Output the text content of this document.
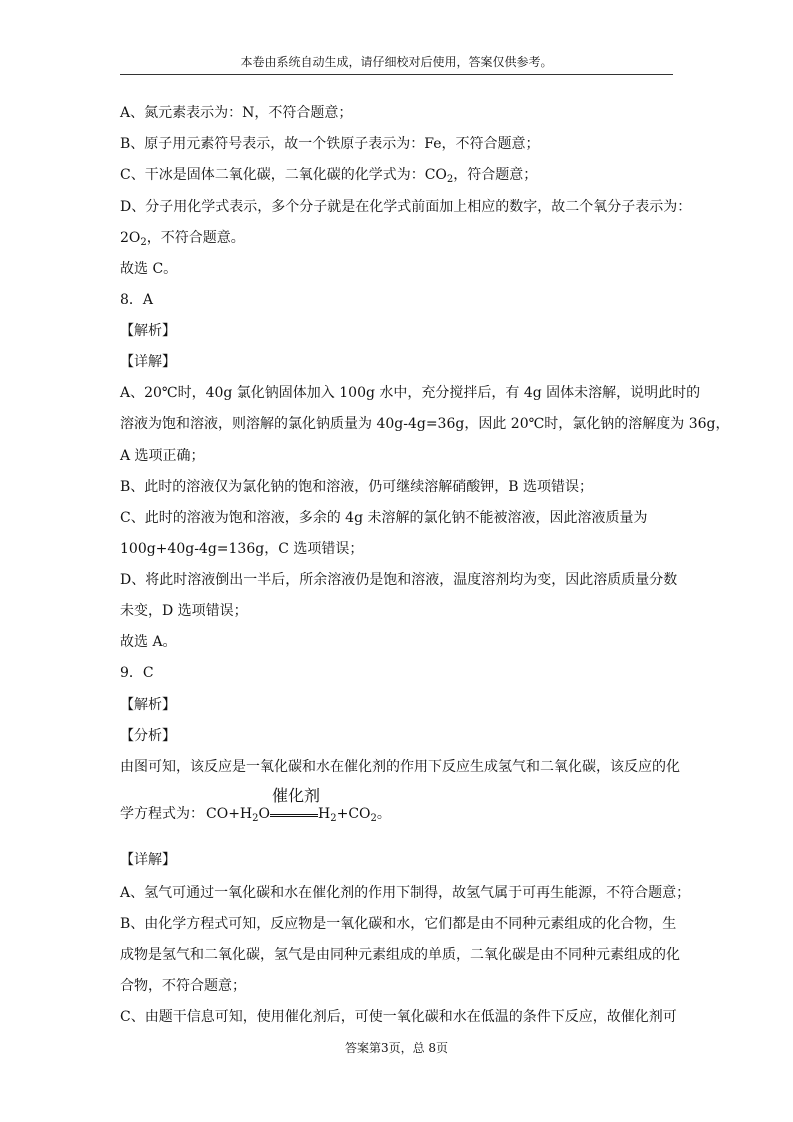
本卷由系统自动生成，请仔细校对后使用，答案仅供参考。
A、氮元素表示为：N，不符合题意；
B、原子用元素符号表示，故一个铁原子表示为：Fe，不符合题意；
C、干冰是固体二氧化碳，二氧化碳的化学式为：$CO_2$，符合题意；
D、分子用化学式表示，多个分子就是在化学式前面加上相应的数字，故二个氧分子表示为：
$2O_2$，不符合题意。
故选 C。
8．A
【解析】
【详解】
A、20℃时，40g 氯化钠固体加入 100g 水中，充分搅拌后，有 4g 固体未溶解，说明此时的
溶液为饱和溶液，则溶解的氯化钠质量为 40g-4g=36g，因此 20℃时，氯化钠的溶解度为 36g，
A 选项正确；
B、此时的溶液仅为氯化钠的饱和溶液，仍可继续溶解硝酸钾，B 选项错误；
C、此时的溶液为饱和溶液，多余的 4g 未溶解的氯化钠不能被溶液，因此溶液质量为
100g+40g-4g=136g，C 选项错误；
D、将此时溶液倒出一半后，所余溶液仍是饱和溶液，温度溶剂均为变，因此溶质质量分数
未变，D 选项错误；
故选 A。
9．C
【解析】
【分析】
由图可知，该反应是一氧化碳和水在催化剂的作用下反应生成氢气和二氧化碳，该反应的化
学方程式为： $CO+H_2O$
催化剂
$H_2+CO_2$。
【详解】
A、氢气可通过一氧化碳和水在催化剂的作用下制得，故氢气属于可再生能源，不符合题意；
B、由化学方程式可知，反应物是一氧化碳和水，它们都是由不同种元素组成的化合物，生
成物是氢气和二氧化碳，氢气是由同种元素组成的单质，二氧化碳是由不同种元素组成的化
合物，不符合题意；
C、由题干信息可知，使用催化剂后，可使一氧化碳和水在低温的条件下反应，故催化剂可
答案第3页，总 8页
